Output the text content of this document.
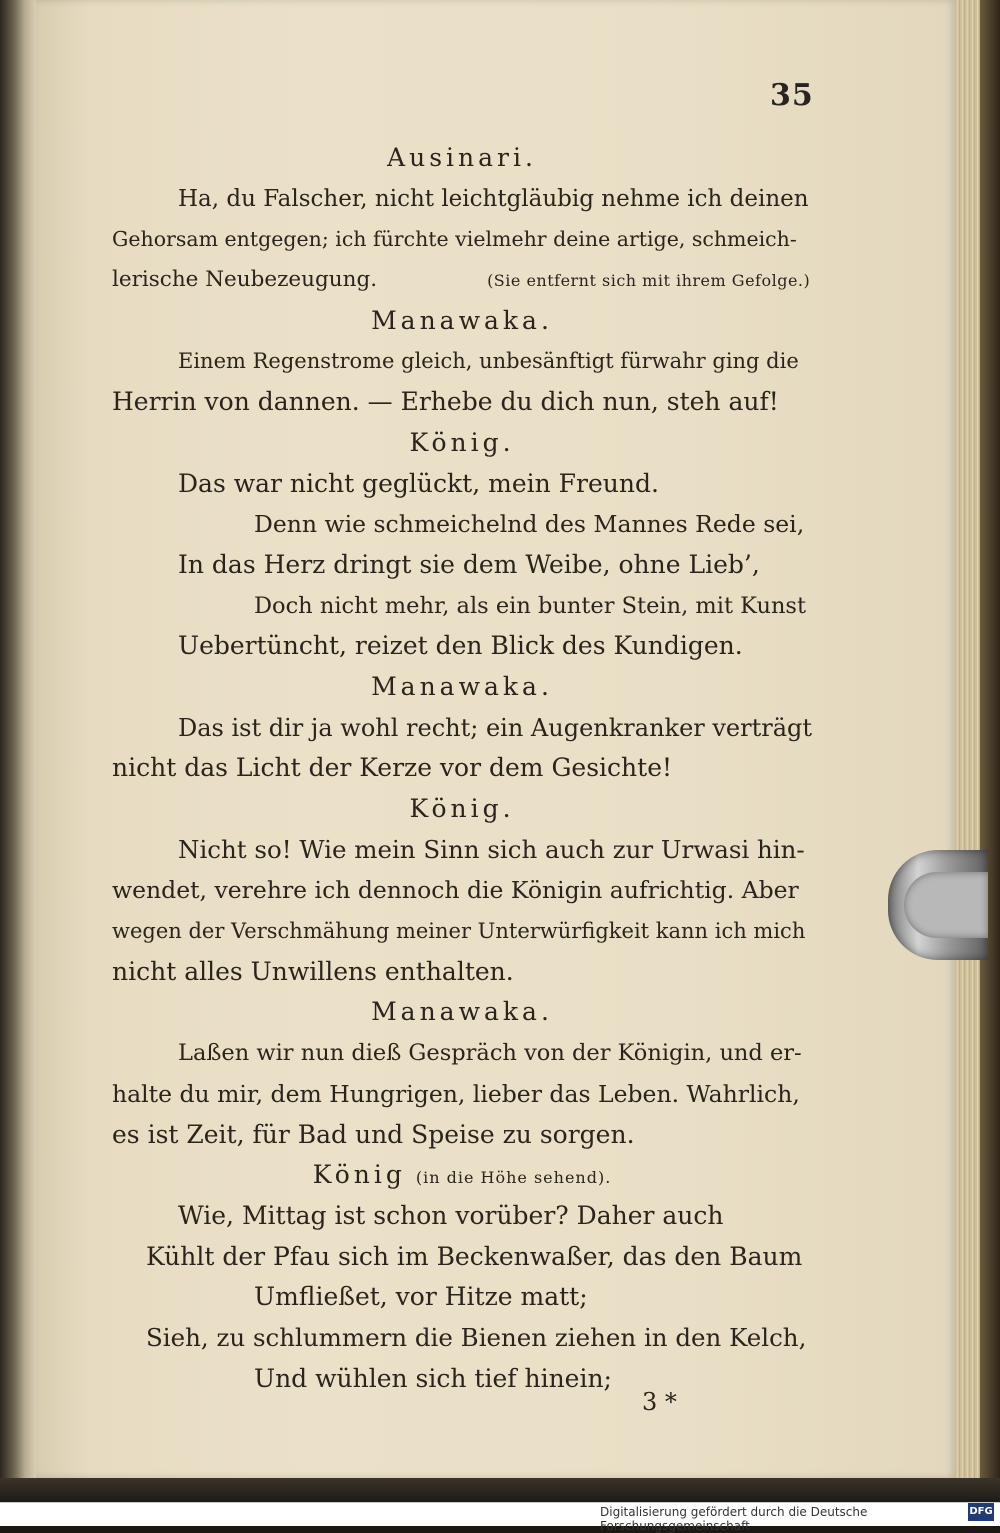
35
Ausinari.
Ha, du Falscher, nicht leichtgläubig nehme ich deinen
Gehorsam entgegen; ich fürchte vielmehr deine artige, schmeich-
lerische Neubezeugung.	(Sie entfernt sich mit ihrem Gefolge.)
Manawaka.
Einem Regenstrome gleich, unbesänftigt fürwahr ging die
Herrin von dannen. — Erhebe du dich nun, steh auf!
König.
Das war nicht geglückt, mein Freund.
Denn wie schmeichelnd des Mannes Rede sei,
In das Herz dringt sie dem Weibe, ohne Lieb’,
Doch nicht mehr, als ein bunter Stein, mit Kunst
Uebertüncht, reizet den Blick des Kundigen.
Manawaka.
Das ist dir ja wohl recht; ein Augenkranker verträgt
nicht das Licht der Kerze vor dem Gesichte!
König.
Nicht so! Wie mein Sinn sich auch zur Urwasi hin-
wendet, verehre ich dennoch die Königin aufrichtig. Aber
wegen der Verschmähung meiner Unterwürfigkeit kann ich mich
nicht alles Unwillens enthalten.
Manawaka.
Laßen wir nun dieß Gespräch von der Königin, und er-
halte du mir, dem Hungrigen, lieber das Leben. Wahrlich,
es ist Zeit, für Bad und Speise zu sorgen.
König (in die Höhe sehend).
Wie, Mittag ist schon vorüber? Daher auch
Kühlt der Pfau sich im Beckenwaßer, das den Baum
Umfließet, vor Hitze matt;
Sieh, zu schlummern die Bienen ziehen in den Kelch,
Und wühlen sich tief hinein;
3 *
Digitalisierung gefördert durch die Deutsche Forschungsgemeinschaft
DFG
